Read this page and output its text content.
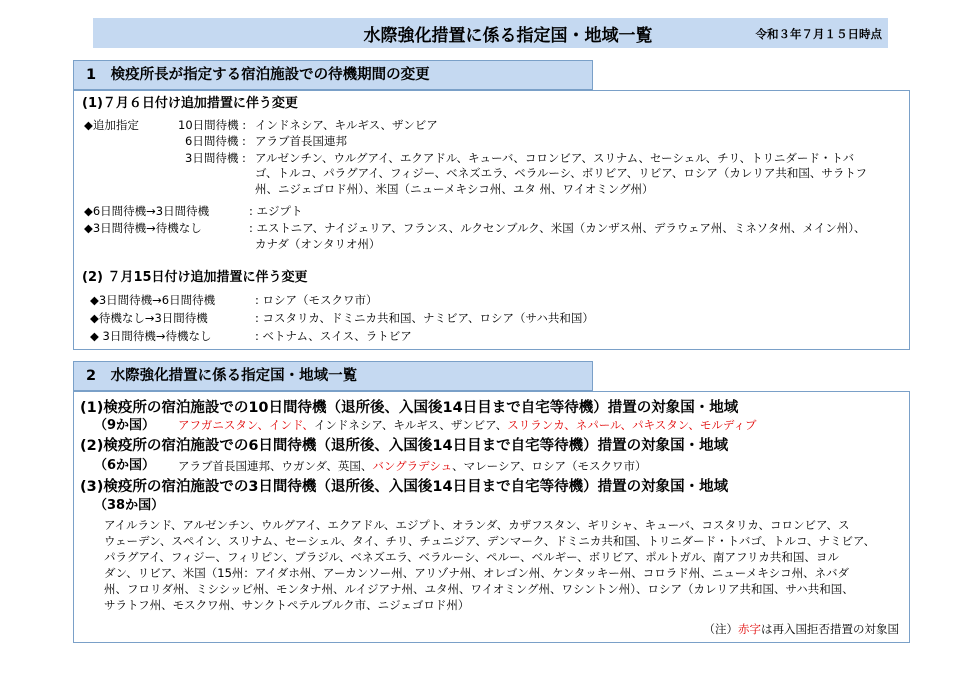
水際強化措置に係る指定国・地域一覧	令和３年７月１５日時点
1　検疫所長が指定する宿泊施設での待機期間の変更
(1)７月６日付け追加措置に伴う変更
◆追加指定	10日間待機 : インドネシア、キルギス、ザンビア
6日間待機 : アラブ首長国連邦
3日間待機 : アルゼンチン、ウルグアイ、エクアドル、キューバ、コロンビア、スリナム、セーシェル、チリ、トリニダード・トバ
ゴ、トルコ、パラグアイ、フィジー、ベネズエラ、ベラルーシ、ボリビア、リビア、ロシア（カレリア共和国、サラトフ
州、ニジェゴロド州）、米国（ニューメキシコ州、ユタ 州、ワイオミング州）
◆6日間待機→3日間待機	: エジプト
◆3日間待機→待機なし	: エストニア、ナイジェリア、フランス、ルクセンブルク、米国（カンザス州、デラウェア州、ミネソタ州、メイン州）、
カナダ（オンタリオ州）
(2) ７月15日付け追加措置に伴う変更
◆3日間待機→6日間待機	: ロシア（モスクワ市）
◆待機なし→3日間待機	: コスタリカ、ドミニカ共和国、ナミビア、ロシア（サハ共和国）
◆ 3日間待機→待機なし	: ベトナム、スイス、ラトビア
2　水際強化措置に係る指定国・地域一覧
(1)検疫所の宿泊施設での10日間待機（退所後、入国後14日目まで自宅等待機）措置の対象国・地域
（9か国） アフガニスタン、インド、インドネシア、キルギス、ザンビア、スリランカ、ネパール、パキスタン、モルディブ
(2)検疫所の宿泊施設での6日間待機（退所後、入国後14日目まで自宅等待機）措置の対象国・地域
（6か国） アラブ首長国連邦、ウガンダ、英国、バングラデシュ、マレーシア、ロシア（モスクワ市）
(3)検疫所の宿泊施設での3日間待機（退所後、入国後14日目まで自宅等待機）措置の対象国・地域
（38か国）
アイルランド、アルゼンチン、ウルグアイ、エクアドル、エジプト、オランダ、カザフスタン、ギリシャ、キューバ、コスタリカ、コロンビア、ス
ウェーデン、スペイン、スリナム、セーシェル、タイ、チリ、チュニジア、デンマーク、ドミニカ共和国、トリニダード・トバゴ、トルコ、ナミビア、
パラグアイ、フィジー、フィリピン、ブラジル、ベネズエラ、ベラルーシ、ペルー、ベルギー、ボリビア、ポルトガル、南アフリカ共和国、ヨル
ダン、リビア、米国（15州：アイダホ州、アーカンソー州、アリゾナ州、オレゴン州、ケンタッキー州、コロラド州、ニューメキシコ州、ネバダ
州、フロリダ州、ミシシッピ州、モンタナ州、ルイジアナ州、ユタ州、ワイオミング州、ワシントン州）、ロシア（カレリア共和国、サハ共和国、
サラトフ州、モスクワ州、サンクトペテルブルク市、ニジェゴロド州）
（注）赤字は再入国拒否措置の対象国
